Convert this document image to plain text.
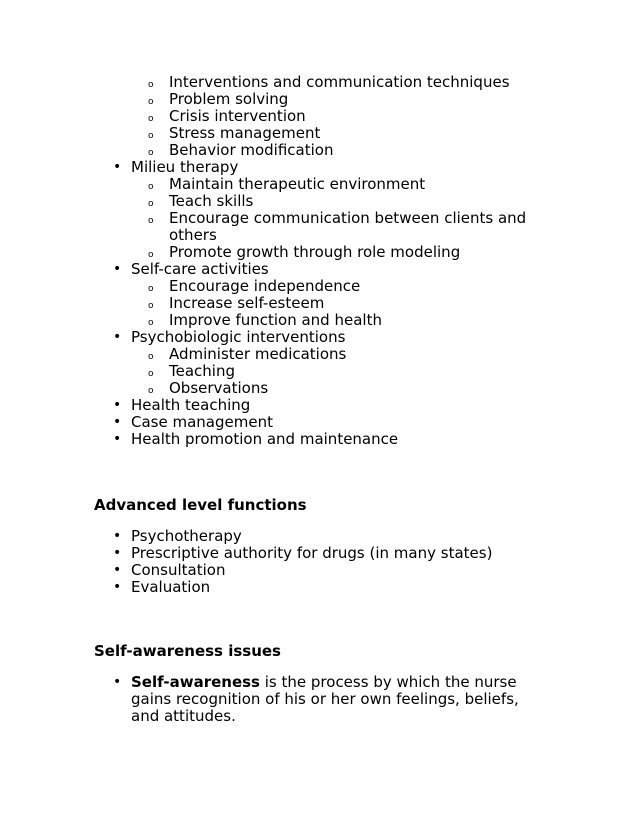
o Interventions and communication techniques
o Problem solving
o Crisis intervention
o Stress management
o Behavior modification
• Milieu therapy
o Maintain therapeutic environment
o Teach skills
o Encourage communication between clients and others
o Promote growth through role modeling
• Self-care activities
o Encourage independence
o Increase self-esteem
o Improve function and health
• Psychobiologic interventions
o Administer medications
o Teaching
o Observations
• Health teaching
• Case management
• Health promotion and maintenance
Advanced level functions
• Psychotherapy
• Prescriptive authority for drugs (in many states)
• Consultation
• Evaluation
Self-awareness issues
• Self-awareness is the process by which the nurse gains recognition of his or her own feelings, beliefs, and attitudes.
